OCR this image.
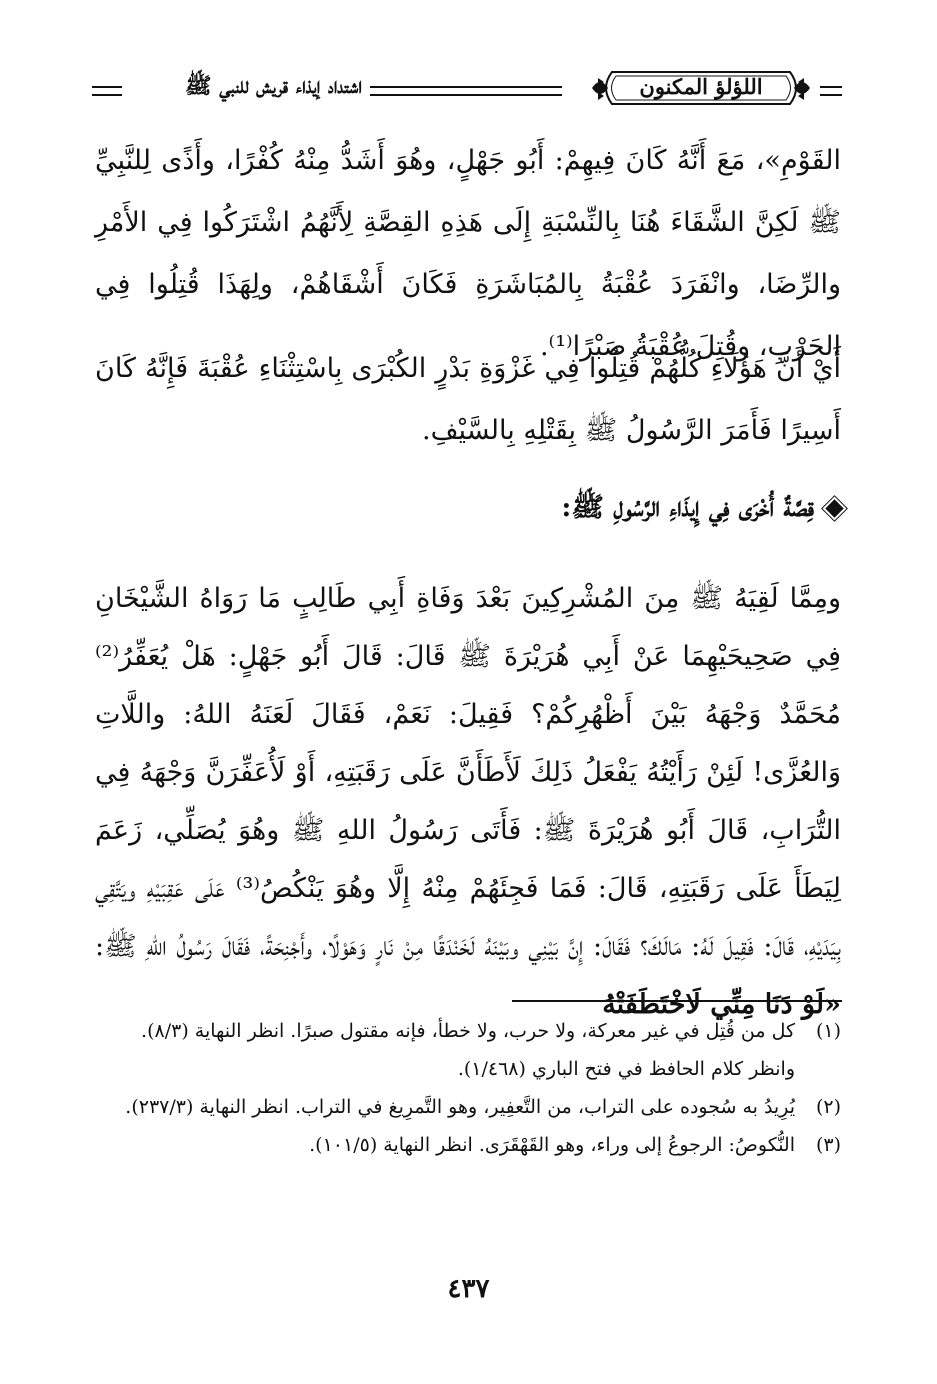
اشتداد إيذاء قريش للنبي ﷺ	اللؤلؤ المكنون
القَوْمِ»، مَعَ أَنَّهُ كَانَ فِيهِمْ: أَبُو جَهْلٍ، وهُوَ أَشَدُّ مِنْهُ كُفْرًا، وأَذًى لِلنَّبِيِّ ﷺ لَكِنَّ الشَّقَاءَ هُنَا بِالنِّسْبَةِ إِلَى هَذِهِ القِصَّةِ لِأَنَّهُمُ اشْتَرَكُوا فِي الأَمْرِ والرِّضَا، وانْفَرَدَ عُقْبَةُ بِالمُبَاشَرَةِ فَكَانَ أَشْقَاهُمْ، ولِهَذَا قُتِلُوا فِي الحَرْبِ، وقُتِلَ عُقْبَةُ صَبْرًا⁽¹⁾.
أَيْ أَنَّ هَؤُلَاءِ كُلُّهُمْ قُتِلُوا فِي غَزْوَةِ بَدْرٍ الكُبْرَى بِاسْتِثْنَاءِ عُقْبَةَ فَإِنَّهُ كَانَ أَسِيرًا فَأَمَرَ الرَّسُولُ ﷺ بِقَتْلِهِ بِالسَّيْفِ.
قِصَّةٌ أُخْرَى فِي إِيذَاءِ الرَّسُولِ ﷺ:
ومِمَّا لَقِيَهُ ﷺ مِنَ المُشْرِكِينَ بَعْدَ وَفَاةِ أَبِي طَالِبٍ مَا رَوَاهُ الشَّيْخَانِ فِي صَحِيحَيْهِمَا عَنْ أَبِي هُرَيْرَةَ ﷺ قَالَ: قَالَ أَبُو جَهْلٍ: هَلْ يُعَفِّرُ⁽²⁾ مُحَمَّدٌ وَجْهَهُ بَيْنَ أَظْهُرِكُمْ؟ فَقِيلَ: نَعَمْ، فَقَالَ لَعَنَهُ اللهُ: واللَّاتِ وَالعُزَّى! لَئِنْ رَأَيْتُهُ يَفْعَلُ ذَلِكَ لَأَطَأَنَّ عَلَى رَقَبَتِهِ، أَوْ لَأُعَفِّرَنَّ وَجْهَهُ فِي التُّرَابِ، قَالَ أَبُو هُرَيْرَةَ ﷺ: فَأَتَى رَسُولُ اللهِ ﷺ وهُوَ يُصَلِّي، زَعَمَ لِيَطَأَ عَلَى رَقَبَتِهِ، قَالَ: فَمَا فَجِئَهُمْ مِنْهُ إِلَّا وهُوَ يَنْكُصُ⁽³⁾ عَلَى عَقِبَيْهِ ويَتَّقِي بِيَدَيْهِ، قَالَ: فَقِيلَ لَهُ: مَالَكَ؟ فَقَالَ: إِنَّ بَيْنِي وبَيْنَهُ لَخَنْدَقًا مِنْ نَارٍ وَهَوْلًا، وأَجْنِحَةً، فَقَالَ رَسُولُ اللهِ ﷺ: «لَوْ دَنَا مِنِّي لَاخْتَطَفَتْهُ
(١)
كل من قُتِل في غير معركة، ولا حرب، ولا خطأ، فإنه مقتول صبرًا. انظر النهاية (٨/٣).
وانظر كلام الحافظ في فتح الباري (١/٤٦٨).
(٢)
يُرِيدُ به سُجوده على التراب، من التَّعفِير، وهو التَّمرِيغ في التراب. انظر النهاية (٢٣٧/٣).
(٣)
النُّكوصُ: الرجوعُ إلى وراء، وهو القَهْقَرَى. انظر النهاية (١٠١/٥).
٤٣٧
